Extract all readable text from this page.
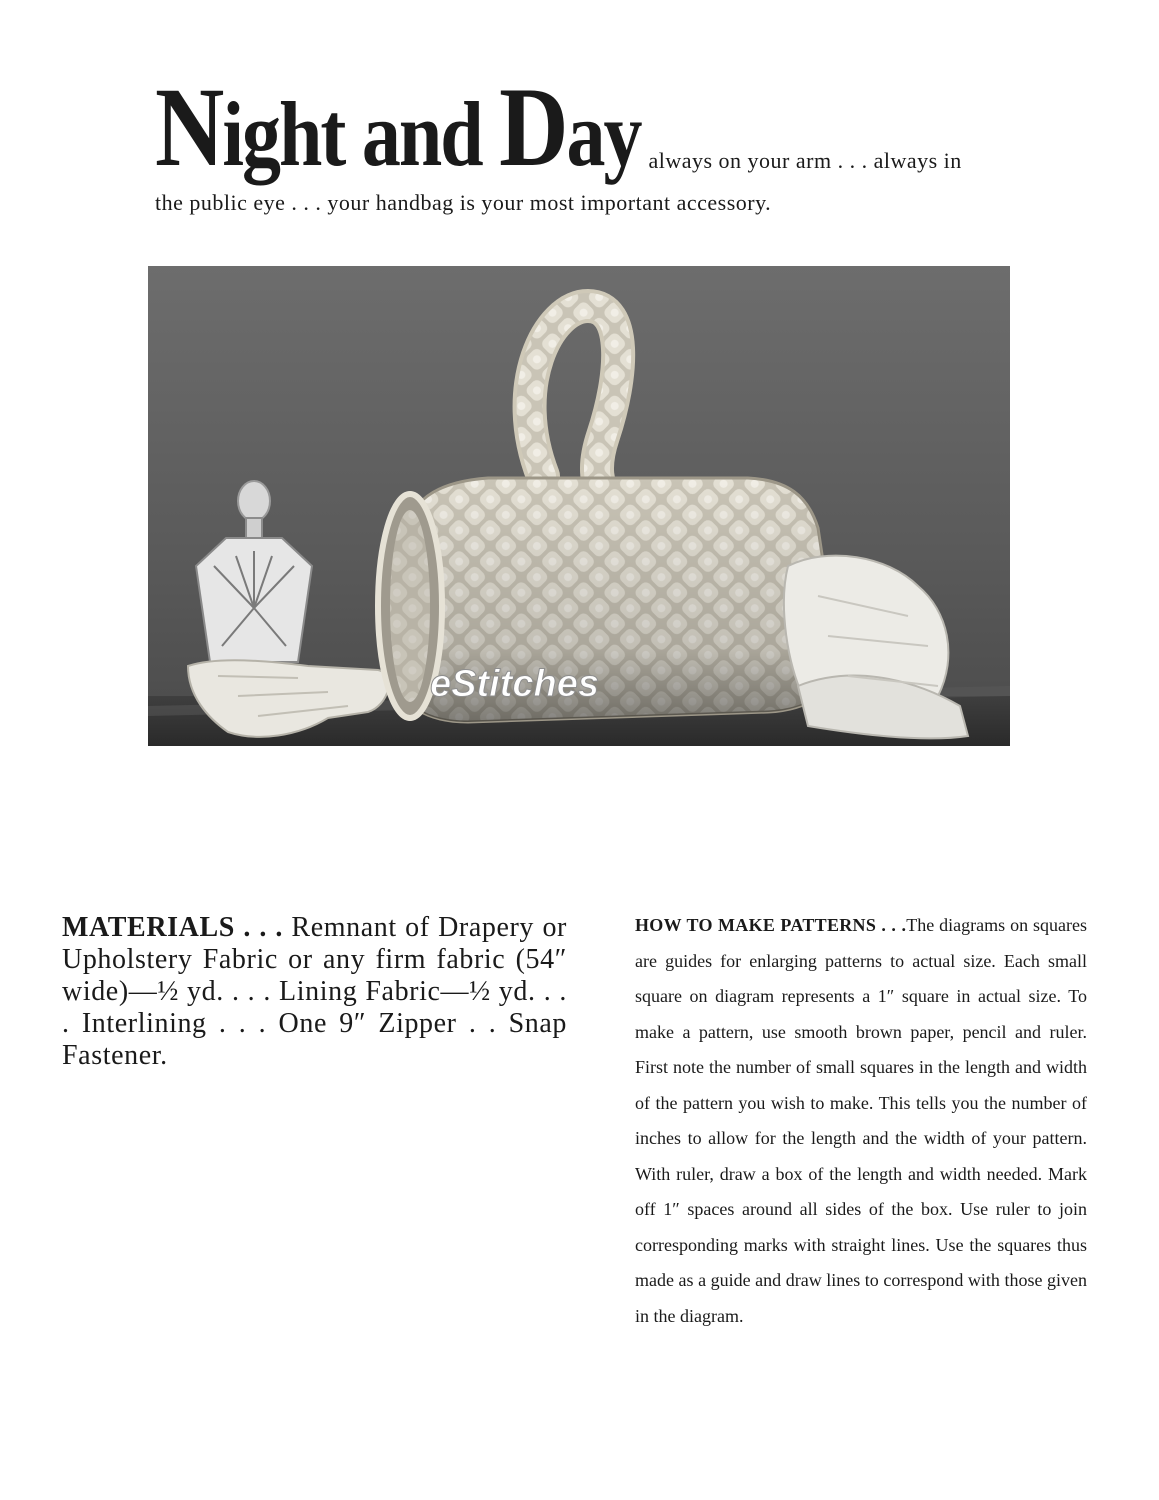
Night and Day always on your arm . . . always in
the public eye . . . your handbag is your most important accessory.
eStitches
MATERIALS . . . Remnant of Drapery or Upholstery Fabric or any firm fabric (54″ wide)—½ yd. . . . Lining Fabric—½ yd. . . . Interlining . . . One 9″ Zipper . . Snap Fastener.
HOW TO MAKE PATTERNS . . .The diagrams on squares are guides for enlarging patterns to actual size. Each small square on diagram represents a 1″ square in actual size. To make a pattern, use smooth brown paper, pencil and ruler. First note the number of small squares in the length and width of the pattern you wish to make. This tells you the number of inches to allow for the length and the width of your pattern. With ruler, draw a box of the length and width needed. Mark off 1″ spaces around all sides of the box. Use ruler to join corresponding marks with straight lines. Use the squares thus made as a guide and draw lines to correspond with those given in the diagram.
